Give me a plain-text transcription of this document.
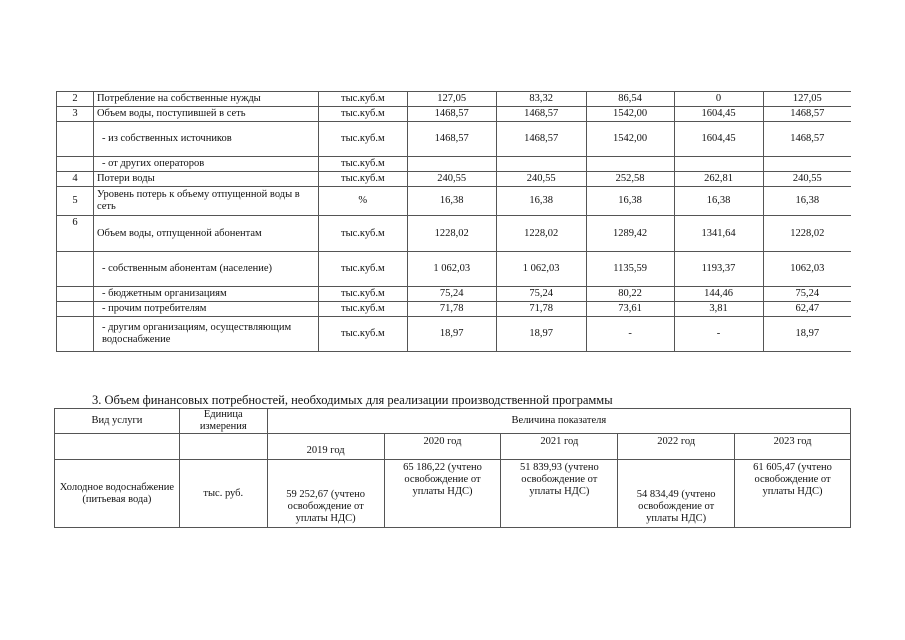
2	Потребление на собственные нужды	тыс.куб.м	127,05	83,32	86,54	0	127,05
3	Объем воды, поступившей в сеть	тыс.куб.м	1468,57	1468,57	1542,00	1604,45	1468,57
	- из собственных источников	тыс.куб.м	1468,57	1468,57	1542,00	1604,45	1468,57
	- от других операторов	тыс.куб.м					
4	Потери воды	тыс.куб.м	240,55	240,55	252,58	262,81	240,55
5	Уровень потерь к объему отпущенной воды в сеть	%	16,38	16,38	16,38	16,38	16,38
6	Объем воды, отпущенной абонентам	тыс.куб.м	1228,02	1228,02	1289,42	1341,64	1228,02
	- собственным абонентам (население)	тыс.куб.м	1 062,03	1 062,03	1135,59	1193,37	1062,03
	- бюджетным организациям	тыс.куб.м	75,24	75,24	80,22	144,46	75,24
	- прочим потребителям	тыс.куб.м	71,78	71,78	73,61	3,81	62,47
	- другим организациям, осуществляющим водоснабжение	тыс.куб.м	18,97	18,97	-	-	18,97
3. Объем финансовых потребностей, необходимых для реализации производственной программы
Вид услуги	Единица измерения	Величина показателя				
		2019 год	2020 год	2021 год	2022 год	2023 год
Холодное водоснабжение (питьевая вода)	тыс. руб.	59 252,67 (учтено освобождение от уплаты НДС)	65 186,22 (учтено освобождение от уплаты НДС)	51 839,93 (учтено освобождение от уплаты НДС)	54 834,49 (учтено освобождение от уплаты НДС)	61 605,47 (учтено освобождение от уплаты НДС)
